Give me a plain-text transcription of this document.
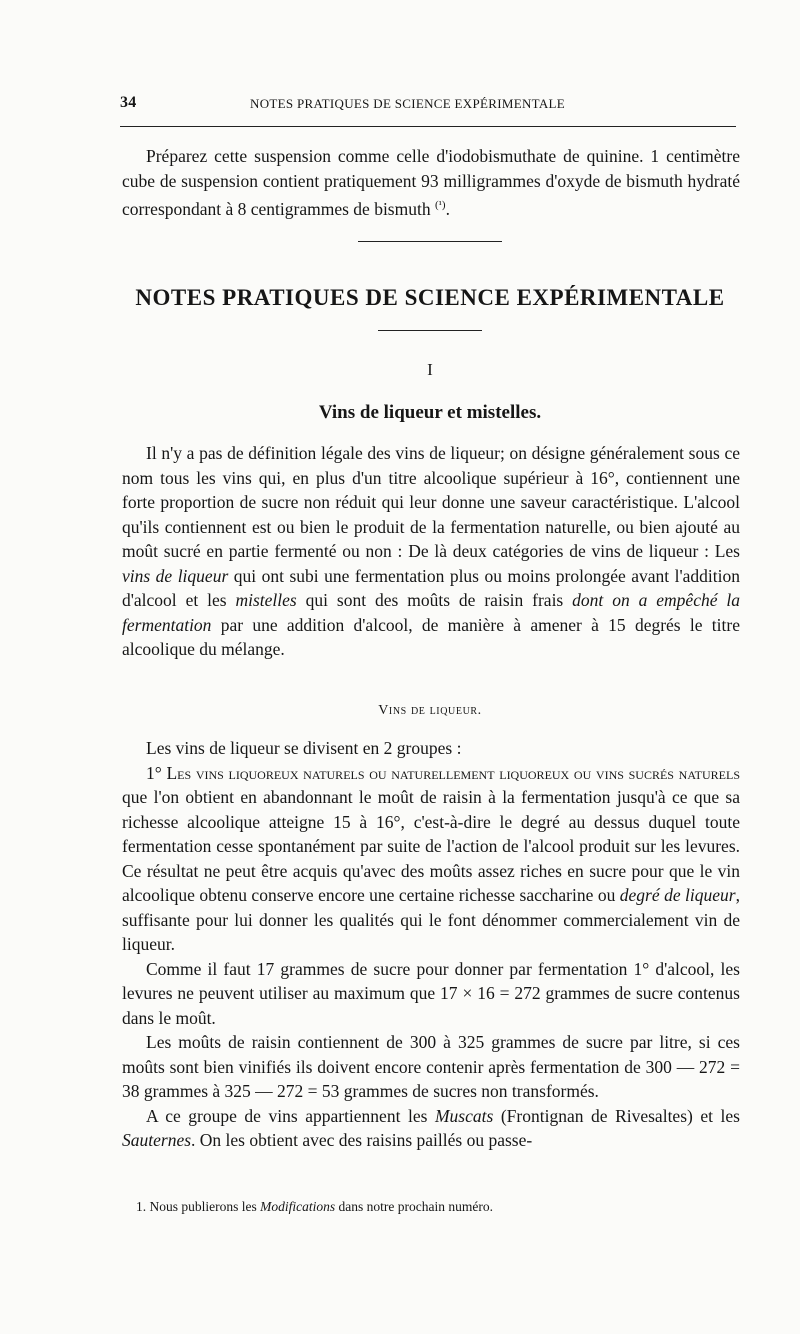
34	NOTES PRATIQUES DE SCIENCE EXPÉRIMENTALE

Préparez cette suspension comme celle d'iodobismuthate de quinine. 1 centimètre cube de suspension contient pratiquement 93 milligrammes d'oxyde de bismuth hydraté correspondant à 8 centigrammes de bismuth $^{(^1)}$.

NOTES PRATIQUES DE SCIENCE EXPÉRIMENTALE
I
Vins de liqueur et mistelles.

Il n'y a pas de définition légale des vins de liqueur; on désigne généralement sous ce nom tous les vins qui, en plus d'un titre alcoolique supérieur à 16°, contiennent une forte proportion de sucre non réduit qui leur donne une saveur caractéristique. L'alcool qu'ils contiennent est ou bien le produit de la fermentation naturelle, ou bien ajouté au moût sucré en partie fermenté ou non : De là deux catégories de vins de liqueur : Les vins de liqueur qui ont subi une fermentation plus ou moins prolongée avant l'addition d'alcool et les mistelles qui sont des moûts de raisin frais dont on a empêché la fermentation par une addition d'alcool, de manière à amener à 15 degrés le titre alcoolique du mélange.

Vins de liqueur.

Les vins de liqueur se divisent en 2 groupes :

1° Les vins liquoreux naturels ou naturellement liquoreux ou vins sucrés naturels que l'on obtient en abandonnant le moût de raisin à la fermentation jusqu'à ce que sa richesse alcoolique atteigne 15 à 16°, c'est-à-dire le degré au dessus duquel toute fermentation cesse spontanément par suite de l'action de l'alcool produit sur les levures. Ce résultat ne peut être acquis qu'avec des moûts assez riches en sucre pour que le vin alcoolique obtenu conserve encore une certaine richesse saccharine ou degré de liqueur, suffisante pour lui donner les qualités qui le font dénommer commercialement vin de liqueur.

Comme il faut 17 grammes de sucre pour donner par fermentation 1° d'alcool, les levures ne peuvent utiliser au maximum que 17 × 16 = 272 grammes de sucre contenus dans le moût.

Les moûts de raisin contiennent de 300 à 325 grammes de sucre par litre, si ces moûts sont bien vinifiés ils doivent encore contenir après fermentation de 300 — 272 = 38 grammes à 325 — 272 = 53 grammes de sucres non transformés.

A ce groupe de vins appartiennent les Muscats (Frontignan de Rivesaltes) et les Sauternes. On les obtient avec des raisins paillés ou passe-

1. Nous publierons les Modifications dans notre prochain numéro.
